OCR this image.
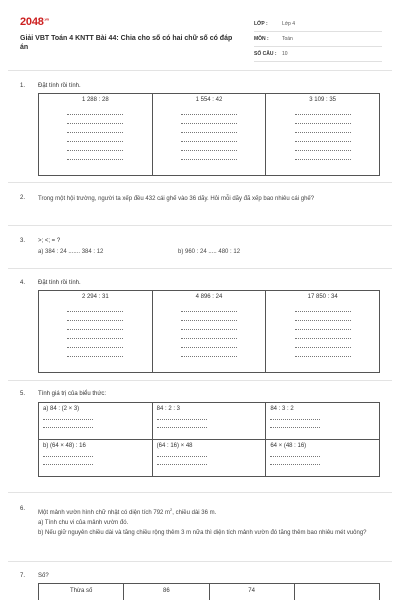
$2048^{.vn}$
Giải VBT Toán 4 KNTT Bài 44: Chia cho số có hai chữ số có đáp án
LỚP :	Lớp 4
MÔN :	Toán
SỐ CÂU :	10
1. Đặt tính rồi tính.
1 288 : 28	1 554 : 42	3 109 : 35
2.	Trong một hội trường, người ta xếp đều 432 cái ghế vào 36 dãy. Hỏi mỗi dãy đã xếp bao nhiêu cái ghế?
3. >; <; = ?
a) 384 : 24 ....... 384 : 12	b) 960 : 24 ..... 480 : 12
4. Đặt tính rồi tính.
2 294 : 31	4 896 : 24	17 850 : 34
5. Tính giá trị của biểu thức:
a) 84 : (2 × 3)	84 : 2 : 3	84 : 3 : 2

b) (64 × 48) : 16	(64 : 16) × 48	64 × (48 : 16)
6.
Một mảnh vườn hình chữ nhật có diện tích 792 $m^2$, chiều dài 36 m.
a) Tính chu vi của mảnh vườn đó.
b) Nếu giữ nguyên chiều dài và tăng chiều rộng thêm 3 m nữa thì diện tích mảnh vườn đó tăng thêm bao nhiêu mét vuông?
7. Số?
Thừa số	86	74	
